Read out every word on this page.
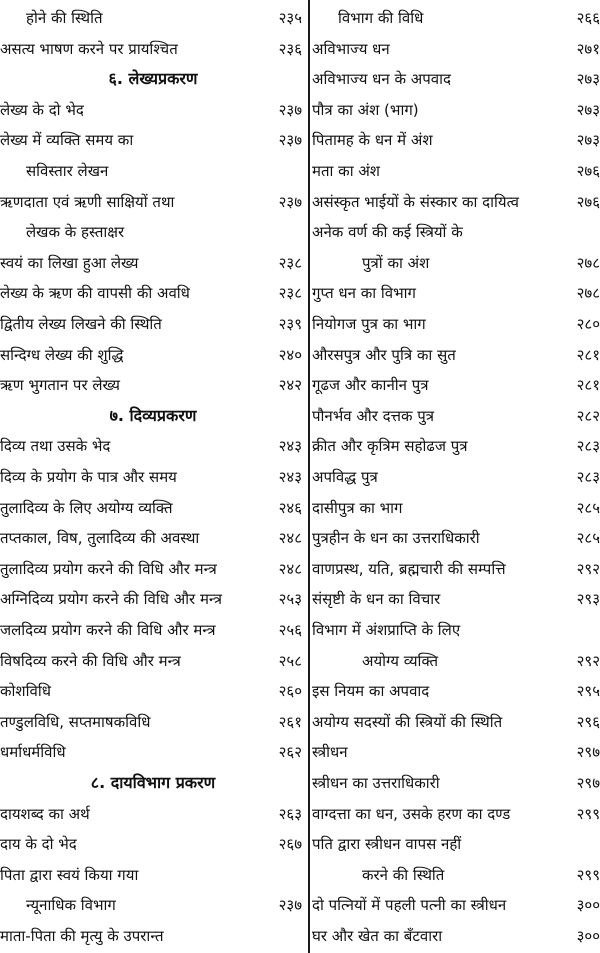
होने की स्थिति	२३५
असत्य भाषण करने पर प्रायश्चित	२३६
६. लेख्यप्रकरण
लेख्य के दो भेद	२३७
लेख्य में व्यक्ति समय का	२३७
सविस्तार लेखन
ऋणदाता एवं ऋणी साक्षियों तथा	२३७
लेखक के हस्ताक्षर
स्वयं का लिखा हुआ लेख्य	२३८
लेख्य के ऋण की वापसी की अवधि	२३८
द्वितीय लेख्य लिखने की स्थिति	२३९
सन्दिग्ध लेख्य की शुद्धि	२४०
ऋण भुगतान पर लेख्य	२४२
७. दिव्यप्रकरण
दिव्य तथा उसके भेद	२४३
दिव्य के प्रयोग के पात्र और समय	२४३
तुलादिव्य के लिए अयोग्य व्यक्ति	२४६
तप्तकाल, विष, तुलादिव्य की अवस्था	२४८
तुलादिव्य प्रयोग करने की विधि और मन्त्र	२४८
अग्निदिव्य प्रयोग करने की विधि और मन्त्र	२५३
जलदिव्य प्रयोग करने की विधि और मन्त्र	२५६
विषदिव्य करने की विधि और मन्त्र	२५८
कोशविधि	२६०
तण्डुलविधि, सप्तमाषकविधि	२६१
धर्माधर्मविधि	२६२
८. दायविभाग प्रकरण
दायशब्द का अर्थ	२६३
दाय के दो भेद	२६७
पिता द्वारा स्वयं किया गया
न्यूनाधिक विभाग	२३७
माता-पिता की मृत्यु के उपरान्त
विभाग की विधि	२६६
अविभाज्य धन	२७१
अविभाज्य धन के अपवाद	२७३
पौत्र का अंश (भाग)	२७३
पितामह के धन में अंश	२७३
मता का अंश	२७६
असंस्कृत भाईयों के संस्कार का दायित्व	२७६
अनेक वर्ण की कई स्त्रियों के
पुत्रों का अंश	२७८
गुप्त धन का विभाग	२७८
नियोगज पुत्र का भाग	२८०
औरसपुत्र और पुत्रि का सुत	२८१
गूढज और कानीन पुत्र	२८१
पौनर्भव और दत्तक पुत्र	२८२
क्रीत और कृत्रिम सहोढज पुत्र	२८३
अपविद्ध पुत्र	२८३
दासीपुत्र का भाग	२८५
पुत्रहीन के धन का उत्तराधिकारी	२८५
वाणप्रस्थ, यति, ब्रह्मचारी की सम्पत्ति	२९२
संसृष्टी के धन का विचार	२९३
विभाग में अंशप्राप्ति के लिए
अयोग्य व्यक्ति	२९२
इस नियम का अपवाद	२९५
अयोग्य सदस्यों की स्त्रियों की स्थिति	२९६
स्त्रीधन	२९७
स्त्रीधन का उत्तराधिकारी	२९७
वाग्दत्ता का धन, उसके हरण का दण्ड	२९९
पति द्वारा स्त्रीधन वापस नहीं
करने की स्थिति	२९९
दो पत्नियों में पहली पत्नी का स्त्रीधन	३००
घर और खेत का बँटवारा	३००
